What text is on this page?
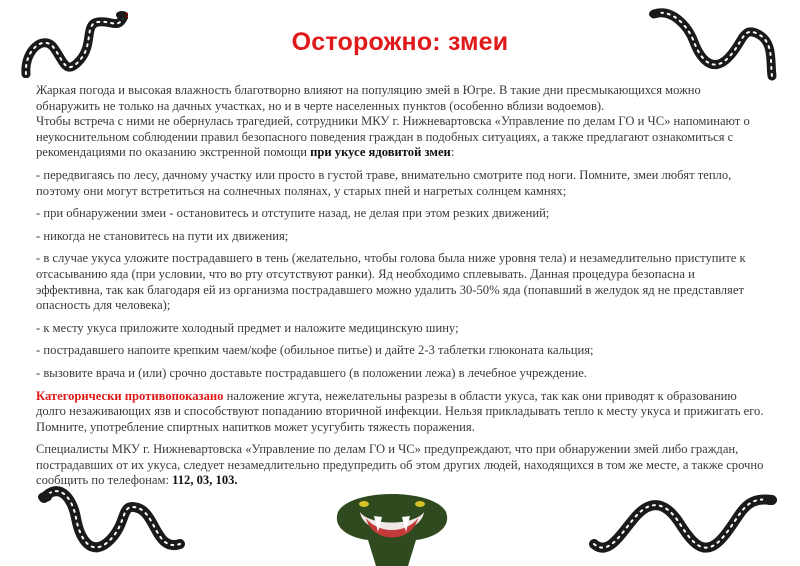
Осторожно: змеи

Жаркая погода и высокая влажность благотворно влияют на популяцию змей в Югре. В такие дни пресмыкающихся можно обнаружить не только на дачных участках, но и в черте населенных пунктов (особенно вблизи водоемов).

Чтобы встреча с ними не обернулась трагедией, сотрудники МКУ г. Нижневартовска «Управление по делам ГО и ЧС» напоминают о неукоснительном соблюдении правил безопасного поведения граждан в подобных ситуациях, а также предлагают ознакомиться с рекомендациями по оказанию экстренной помощи при укусе ядовитой змеи:

- передвигаясь по лесу, дачному участку или просто в густой траве, внимательно смотрите под ноги. Помните, змеи любят тепло, поэтому они могут встретиться на солнечных полянах, у старых пней и нагретых солнцем камнях;

- при обнаружении змеи - остановитесь и отступите назад, не делая при этом резких движений;

- никогда не становитесь на пути их движения;

- в случае укуса уложите пострадавшего в тень (желательно, чтобы голова была ниже уровня тела) и незамедлительно приступите к отсасыванию яда (при условии, что во рту отсутствуют ранки). Яд необходимо сплевывать. Данная процедура безопасна и эффективна, так как благодаря ей из организма пострадавшего можно удалить 30-50% яда (попавший в желудок яд не представляет опасность для человека);

- к месту укуса приложите холодный предмет и наложите медицинскую шину;

- пострадавшего напоите крепким чаем/кофе (обильное питье) и дайте 2-3 таблетки глюконата кальция;

- вызовите врача и (или) срочно доставьте пострадавшего (в положении лежа) в лечебное учреждение.

Категорически противопоказано наложение жгута, нежелательны разрезы в области укуса, так как они приводят к образованию долго незаживающих язв и способствуют попаданию вторичной инфекции. Нельзя прикладывать тепло к месту укуса и прижигать его.

Помните, употребление спиртных напитков может усугубить тяжесть поражения.

Специалисты МКУ г. Нижневартовска «Управление по делам ГО и ЧС» предупреждают, что при обнаружении змей либо граждан, пострадавших от их укуса, следует незамедлительно предупредить об этом других людей, находящихся в том же месте, а также срочно сообщить по телефонам: 112, 03, 103.
